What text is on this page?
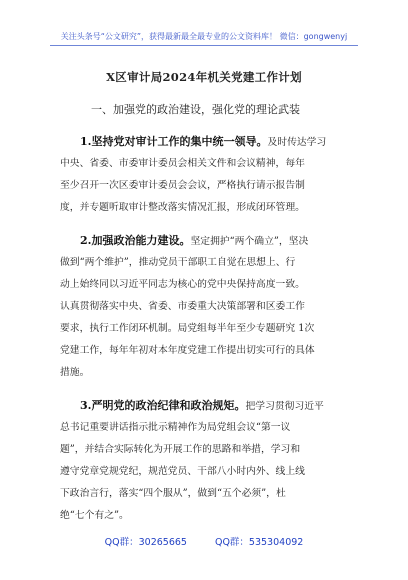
关注头条号“公文研究”，获得最新最全最专业的公文资料库！ 微信：gongwenyj
X区审计局2024年机关党建工作计划
一、加强党的政治建设，强化党的理论武装
1.坚持党对审计工作的集中统一领导。及时传达学习
中央、省委、市委审计委员会相关文件和会议精神，每年
至少召开一次区委审计委员会会议，严格执行请示报告制
度，并专题听取审计整改落实情况汇报，形成闭环管理。
2.加强政治能力建设。坚定拥护“两个确立”，坚决
做到“两个维护”，推动党员干部职工自觉在思想上、行
动上始终同以习近平同志为核心的党中央保持高度一致。
认真贯彻落实中央、省委、市委重大决策部署和区委工作
要求，执行工作闭环机制。局党组每半年至少专题研究 1次
党建工作，每年年初对本年度党建工作提出切实可行的具体
措施。
3.严明党的政治纪律和政治规矩。把学习贯彻习近平
总书记重要讲话指示批示精神作为局党组会议“第一议
题”，并结合实际转化为开展工作的思路和举措，学习和
遵守党章党规党纪，规范党员、干部八小时内外、线上线
下政治言行，落实“四个服从”，做到“五个必须”，杜
绝“七个有之”。
QQ群：30265665	QQ群：535304092
